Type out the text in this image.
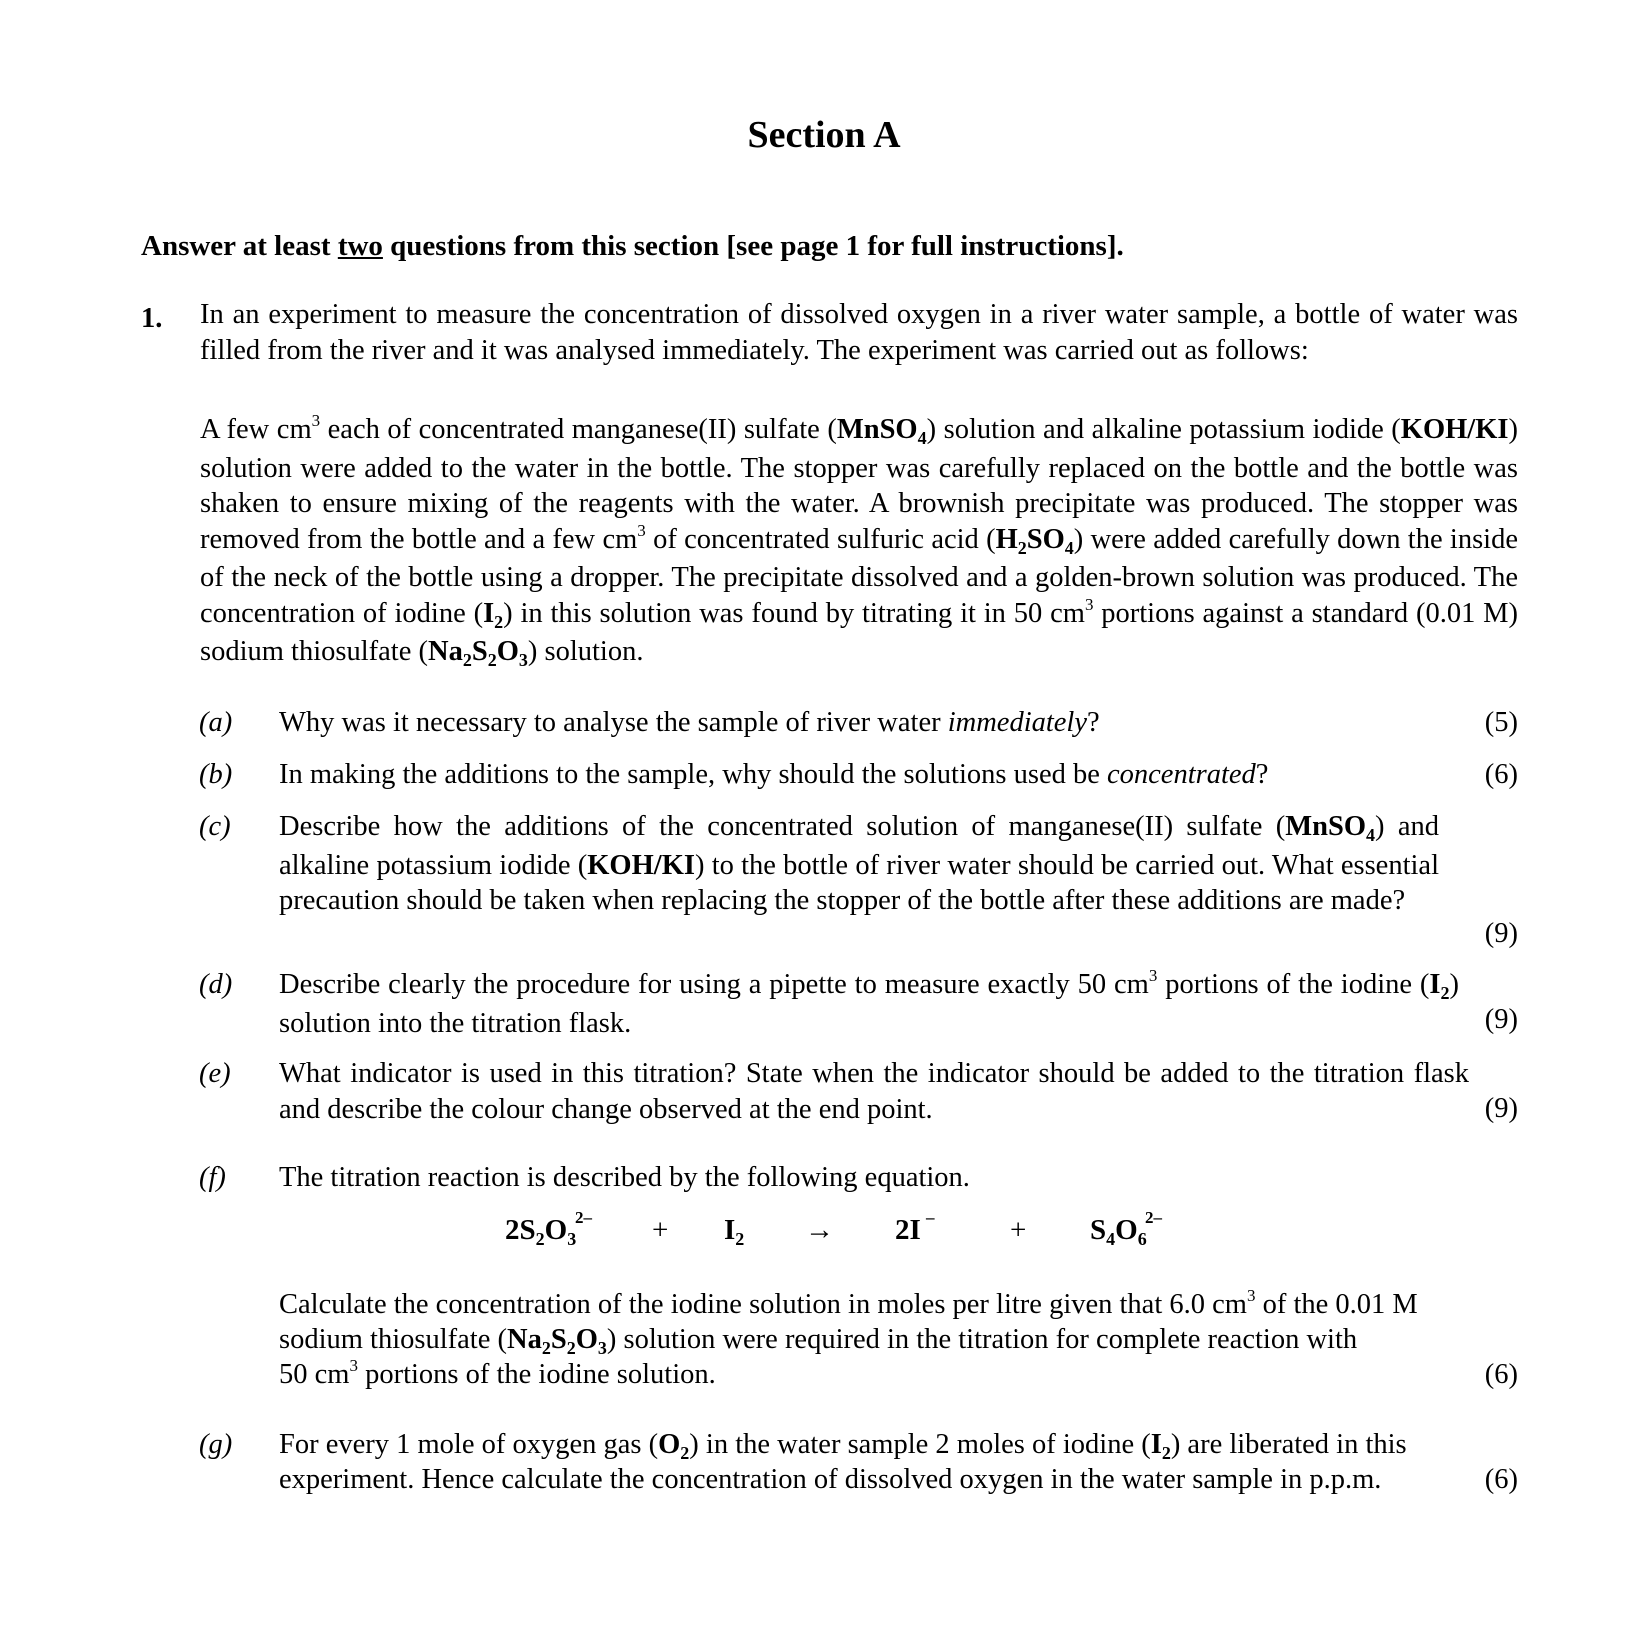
Section A
Answer at least two questions from this section [see page 1 for full instructions].
1. In an experiment to measure the concentration of dissolved oxygen in a river water sample, a bottle of water was filled from the river and it was analysed immediately. The experiment was carried out as follows:
A few $cm^3$ each of concentrated manganese(II) sulfate (MnSO$_4$) solution and alkaline potassium iodide (KOH/KI) solution were added to the water in the bottle. The stopper was carefully replaced on the bottle and the bottle was shaken to ensure mixing of the reagents with the water. A brownish precipitate was produced. The stopper was removed from the bottle and a few $cm^3$ of concentrated sulfuric acid $(H_2SO_4)$ were added carefully down the inside of the neck of the bottle using a dropper. The precipitate dissolved and a golden-brown solution was produced. The concentration of iodine $(I_2)$ in this solution was found by titrating it in 50 $cm^3$ portions against a standard (0.01 M) sodium thiosulfate $(Na_2S_2O_3)$ solution.
(a) Why was it necessary to analyse the sample of river water immediately?	(5)
(b) In making the additions to the sample, why should the solutions used be concentrated?	(6)
(c) Describe how the additions of the concentrated solution of manganese(II) sulfate (MnSO$_4$) and alkaline potassium iodide (KOH/KI) to the bottle of river water should be carried out. What essential precaution should be taken when replacing the stopper of the bottle after these additions are made?
(9)
(d) Describe clearly the procedure for using a pipette to measure exactly 50 $cm^3$ portions of the iodine $(I_2)$ solution into the titration flask.	(9)
(e) What indicator is used in this titration? State when the indicator should be added to the titration flask and describe the colour change observed at the end point.	(9)
(f) The titration reaction is described by the following equation.
$2S_2O_3$
$2- + I_2 \to 2I$ –	+ $S_4O_6$
2–
Calculate the concentration of the iodine solution in moles per litre given that 6.0 $cm^3$ of the 0.01 M
sodium thiosulfate $(Na_2S_2O_3)$ solution were required in the titration for complete reaction with
50 $cm^3$ portions of the iodine solution.	(6)
(g) For every 1 mole of oxygen gas $(O_2)$ in the water sample 2 moles of iodine $(I_2)$ are liberated in this
experiment. Hence calculate the concentration of dissolved oxygen in the water sample in p.p.m.	(6)
